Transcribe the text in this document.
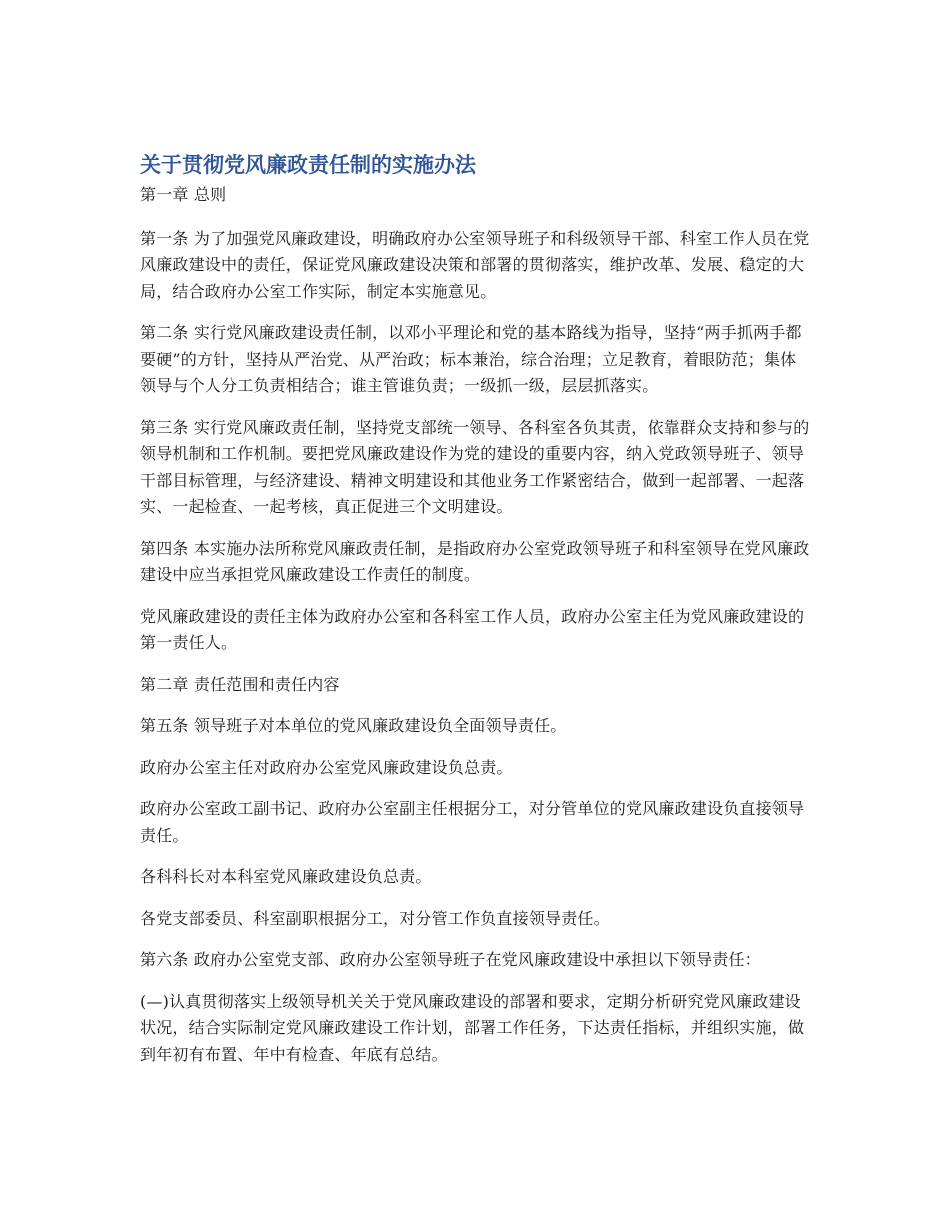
关于贯彻党风廉政责任制的实施办法

第一章 总则

第一条 为了加强党风廉政建设，明确政府办公室领导班子和科级领导干部、科室工作人员在党风廉政建设中的责任，保证党风廉政建设决策和部署的贯彻落实，维护改革、发展、稳定的大局，结合政府办公室工作实际，制定本实施意见。

第二条 实行党风廉政建设责任制，以邓小平理论和党的基本路线为指导，坚持“两手抓两手都要硬”的方针，坚持从严治党、从严治政；标本兼治，综合治理；立足教育，着眼防范；集体领导与个人分工负责相结合；谁主管谁负责；一级抓一级，层层抓落实。

第三条 实行党风廉政责任制，坚持党支部统一领导、各科室各负其责，依靠群众支持和参与的领导机制和工作机制。要把党风廉政建设作为党的建设的重要内容，纳入党政领导班子、领导干部目标管理，与经济建设、精神文明建设和其他业务工作紧密结合，做到一起部署、一起落实、一起检查、一起考核，真正促进三个文明建设。

第四条 本实施办法所称党风廉政责任制，是指政府办公室党政领导班子和科室领导在党风廉政建设中应当承担党风廉政建设工作责任的制度。

党风廉政建设的责任主体为政府办公室和各科室工作人员，政府办公室主任为党风廉政建设的第一责任人。

第二章 责任范围和责任内容

第五条 领导班子对本单位的党风廉政建设负全面领导责任。

政府办公室主任对政府办公室党风廉政建设负总责。

政府办公室政工副书记、政府办公室副主任根据分工，对分管单位的党风廉政建设负直接领导责任。

各科科长对本科室党风廉政建设负总责。

各党支部委员、科室副职根据分工，对分管工作负直接领导责任。

第六条 政府办公室党支部、政府办公室领导班子在党风廉政建设中承担以下领导责任：

(—)认真贯彻落实上级领导机关关于党风廉政建设的部署和要求，定期分析研究党风廉政建设状况，结合实际制定党风廉政建设工作计划，部署工作任务，下达责任指标，并组织实施，做到年初有布置、年中有检查、年底有总结。
